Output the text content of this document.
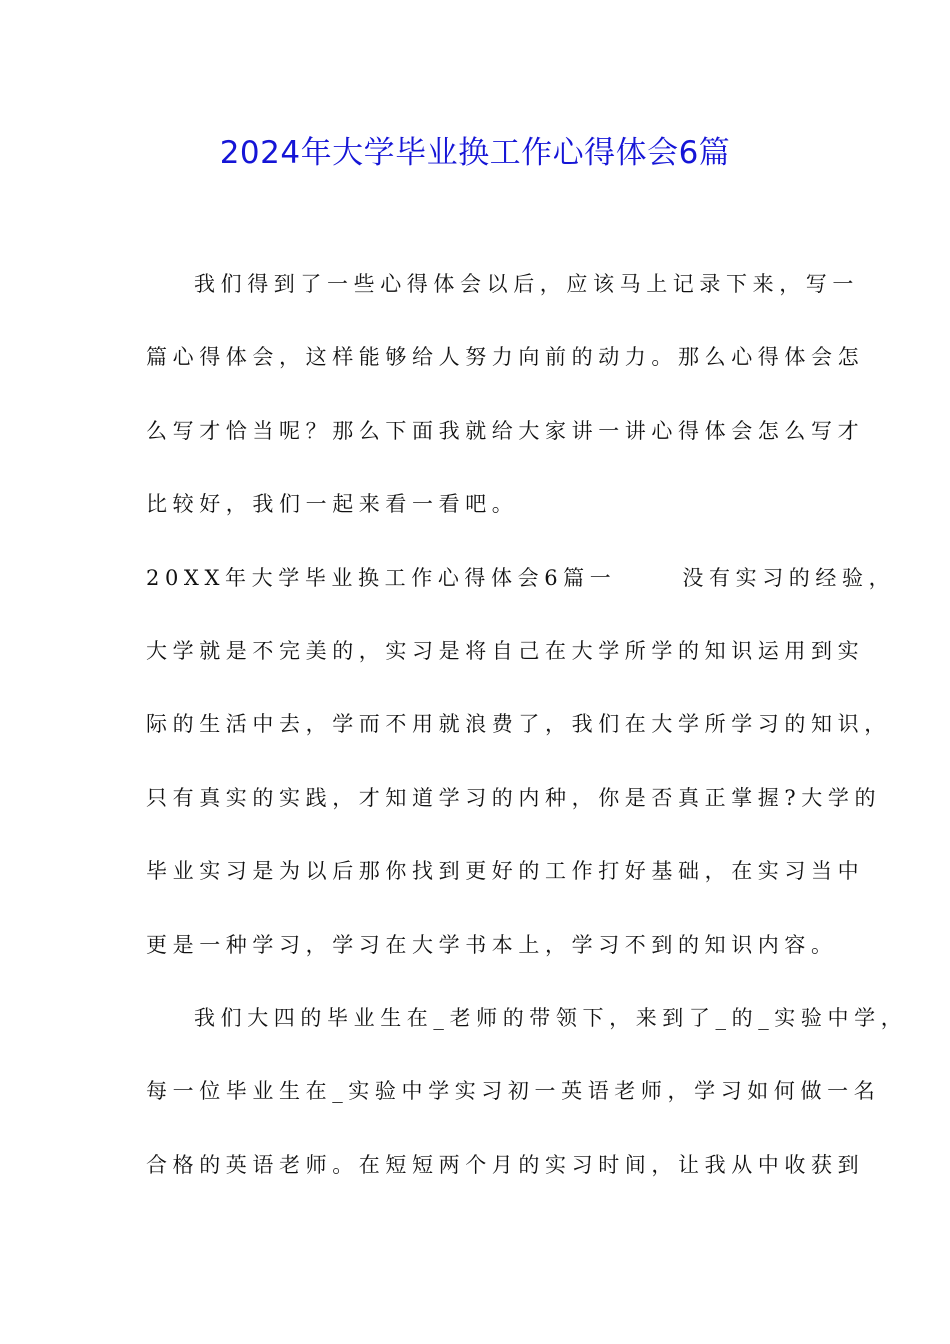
2024年大学毕业换工作心得体会6篇
我们得到了一些心得体会以后，应该马上记录下来，写一
篇心得体会，这样能够给人努力向前的动力。那么心得体会怎
么写才恰当呢？那么下面我就给大家讲一讲心得体会怎么写才
比较好，我们一起来看一看吧。
20XX年大学毕业换工作心得体会6篇一	没有实习的经验，
大学就是不完美的，实习是将自己在大学所学的知识运用到实
际的生活中去，学而不用就浪费了，我们在大学所学习的知识，
只有真实的实践，才知道学习的内种，你是否真正掌握?大学的
毕业实习是为以后那你找到更好的工作打好基础，在实习当中
更是一种学习，学习在大学书本上，学习不到的知识内容。
我们大四的毕业生在_老师的带领下，来到了_的_实验中学，
每一位毕业生在_实验中学实习初一英语老师，学习如何做一名
合格的英语老师。在短短两个月的实习时间，让我从中收获到
